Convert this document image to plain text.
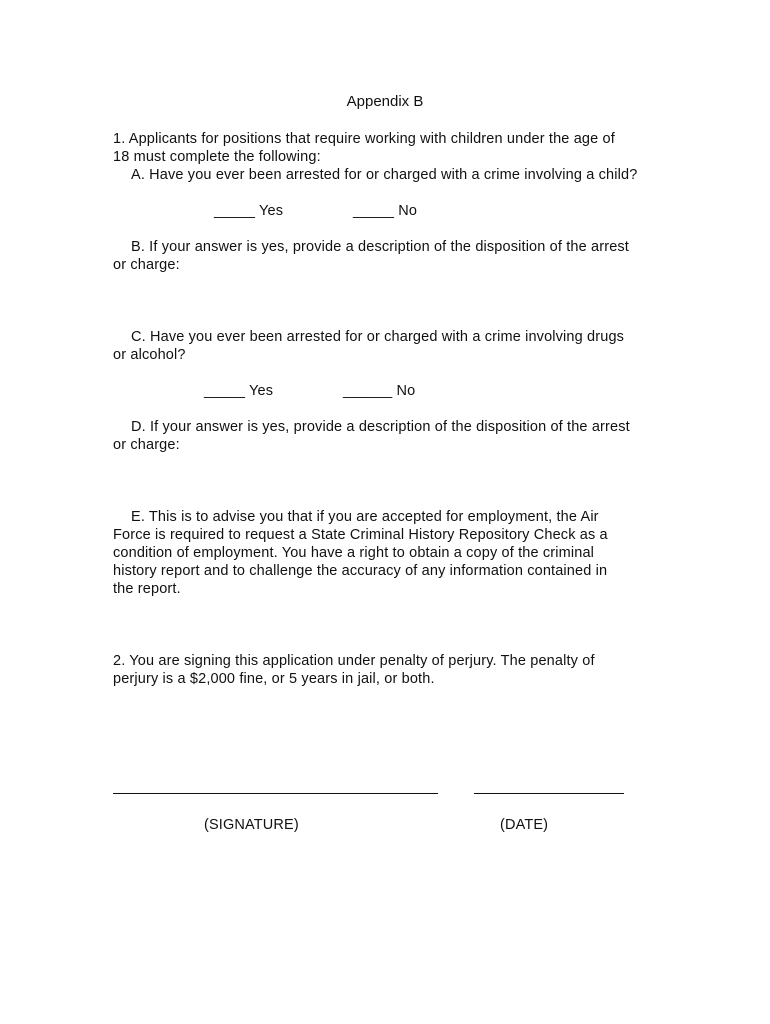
Appendix B
1. Applicants for positions that require working with children under the age of
18 must complete the following:
A. Have you ever been arrested for or charged with a crime involving a child?
_____ Yes	_____ No
B. If your answer is yes, provide a description of the disposition of the arrest
or charge:
C. Have you ever been arrested for or charged with a crime involving drugs
or alcohol?
_____ Yes	______ No
D. If your answer is yes, provide a description of the disposition of the arrest
or charge:
E. This is to advise you that if you are accepted for employment, the Air
Force is required to request a State Criminal History Repository Check as a
condition of employment. You have a right to obtain a copy of the criminal
history report and to challenge the accuracy of any information contained in
the report.
2. You are signing this application under penalty of perjury. The penalty of
perjury is a $2,000 fine, or 5 years in jail, or both.
(SIGNATURE)	(DATE)
